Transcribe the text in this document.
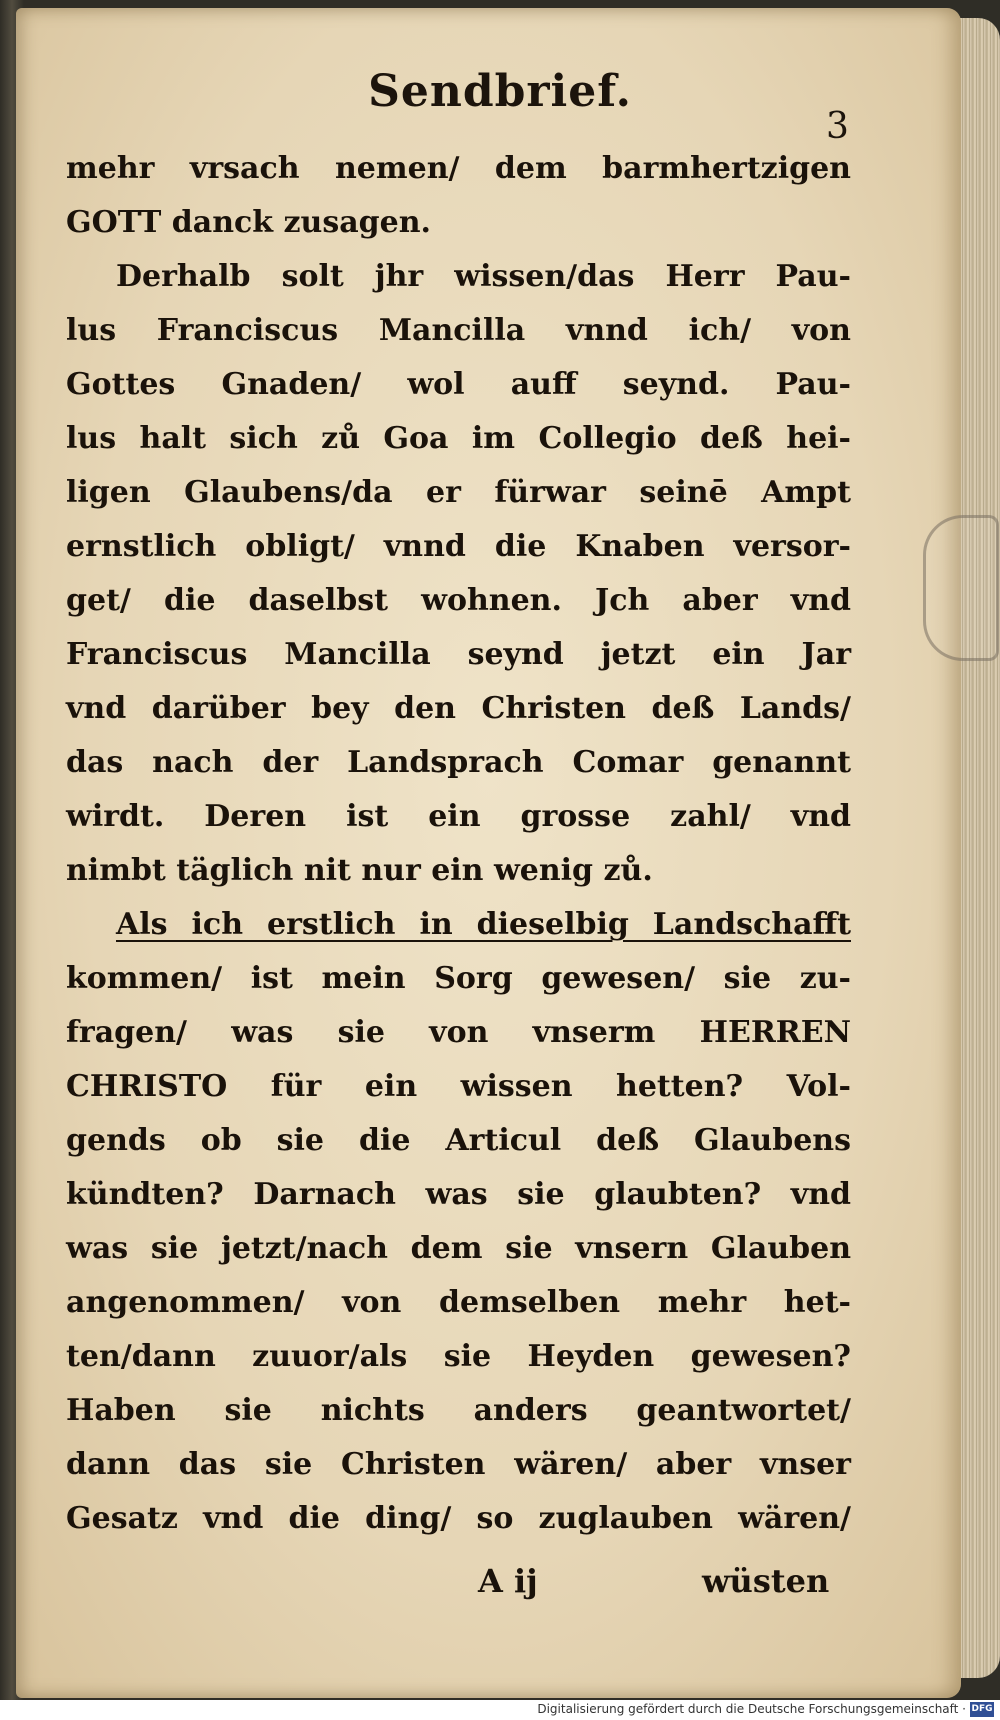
Sendbrief.
3
mehr vrsach nemen/ dem barmhertzigen
GOTT danck zusagen.
Derhalb solt jhr wissen/das Herr Pau-
lus Franciscus Mancilla vnnd ich/ von
Gottes Gnaden/ wol auff seynd. Pau-
lus halt sich zů Goa im Collegio deß hei-
ligen Glaubens/da er fürwar seinē Ampt
ernstlich obligt/ vnnd die Knaben versor-
get/ die daselbst wohnen. Jch aber vnd
Franciscus Mancilla seynd jetzt ein Jar
vnd darüber bey den Christen deß Lands/
das nach der Landsprach Comar genannt
wirdt. Deren ist ein grosse zahl/ vnd
nimbt täglich nit nur ein wenig zů.
Als ich erstlich in dieselbig Landschafft
kommen/ ist mein Sorg gewesen/ sie zu-
fragen/ was sie von vnserm HERREN
CHRISTO für ein wissen hetten? Vol-
gends ob sie die Articul deß Glaubens
kündten? Darnach was sie glaubten? vnd
was sie jetzt/nach dem sie vnsern Glauben
angenommen/ von demselben mehr het-
ten/dann zuuor/als sie Heyden gewesen?
Haben sie nichts anders geantwortet/
dann das sie Christen wären/ aber vnser
Gesatz vnd die ding/ so zuglauben wären/
A ij	wüsten
Digitalisierung gefördert durch die Deutsche Forschungsgemeinschaft · DFG
